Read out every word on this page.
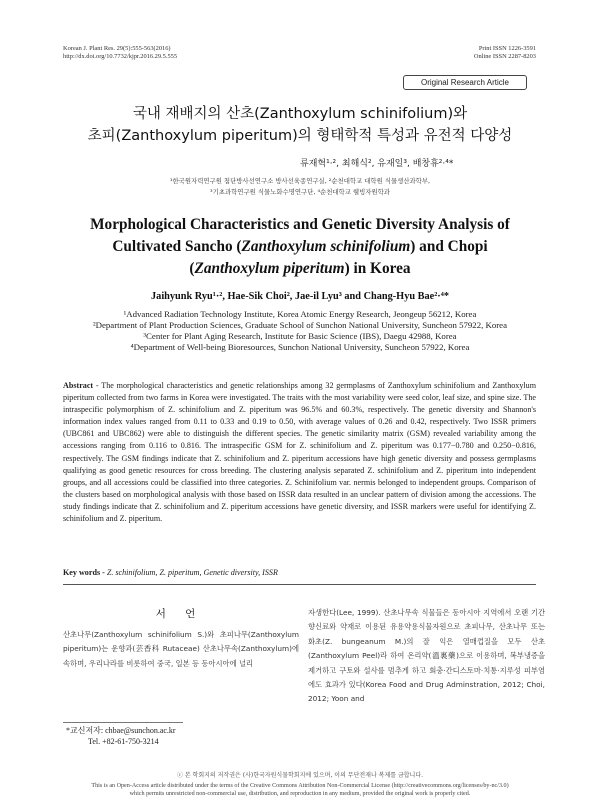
Korean J. Plant Res. 29(5):555-563(2016)
http://dx.doi.org/10.7732/kjpr.2016.29.5.555
Print ISSN 1226-3591
Online ISSN 2287-8203
Original Research Article
국내 재배지의 산초(Zanthoxylum schinifolium)와
초피(Zanthoxylum piperitum)의 형태학적 특성과 유전적 다양성
류재혁¹·², 최해식², 유재일³, 배창휴²·⁴*
¹한국원자력연구원 첨단방사선연구소 방사선육종연구실, ²순천대학교 대학원 식물생산과학부,
³기초과학연구원 식물노화수명연구단, ⁴순천대학교 웰빙자원학과
Morphological Characteristics and Genetic Diversity Analysis of
Cultivated Sancho (Zanthoxylum schinifolium) and Chopi
(Zanthoxylum piperitum) in Korea
Jaihyunk Ryu¹·², Hae-Sik Choi², Jae-il Lyu³ and Chang-Hyu Bae²·⁴*
¹Advanced Radiation Technology Institute, Korea Atomic Energy Research, Jeongeup 56212, Korea
²Department of Plant Production Sciences, Graduate School of Sunchon National University, Suncheon 57922, Korea
³Center for Plant Aging Research, Institute for Basic Science (IBS), Daegu 42988, Korea
⁴Department of Well-being Bioresources, Sunchon National University, Suncheon 57922, Korea
Abstract - The morphological characteristics and genetic relationships among 32 germplasms of Zanthoxylum schinifolium and Zanthoxylum piperitum collected from two farms in Korea were investigated. The traits with the most variability were seed color, leaf size, and spine size. The intraspecific polymorphism of Z. schinifolium and Z. piperitum was 96.5% and 60.3%, respectively. The genetic diversity and Shannon's information index values ranged from 0.11 to 0.33 and 0.19 to 0.50, with average values of 0.26 and 0.42, respectively. Two ISSR primers (UBC861 and UBC862) were able to distinguish the different species. The genetic similarity matrix (GSM) revealed variability among the accessions ranging from 0.116 to 0.816. The intraspecific GSM for Z. schinifolium and Z. piperitum was 0.177−0.780 and 0.250−0.816, respectively. The GSM findings indicate that Z. schinifolium and Z. piperitum accessions have high genetic diversity and possess germplasms qualifying as good genetic resources for cross breeding. The clustering analysis separated Z. schinifolium and Z. piperitum into independent groups, and all accessions could be classified into three categories. Z. Schinifolium var. nermis belonged to independent groups. Comparison of the clusters based on morphological analysis with those based on ISSR data resulted in an unclear pattern of division among the accessions. The study findings indicate that Z. schinifolium and Z. piperitum accessions have genetic diversity, and ISSR markers were useful for identifying Z. schinifolium and Z. piperitum.
Key words - Z. schinifolium, Z. piperitum, Genetic diversity, ISSR
서 언
산초나무(Zanthoxylum schinifolium S.)와 초피나무(Zanthoxylum piperitum)는 운향과(芸香科 Rutaceae) 산초나무속(Zanthoxylum)에 속하며, 우리나라를 비롯하여 중국, 일본 등 동아시아에 널리
자생한다(Lee, 1999). 산초나무속 식물들은 동아시아 지역에서 오랜 기간 향신료와 약재로 이용된 유용약용식물자원으로 초피나무, 산초나무 또는 화초(Z. bungeanum M.)의 잘 익은 열매껍질을 모두 산초(Zanthoxylum Peel)라 하여 온리약(溫裏藥)으로 이용하며, 복부냉증을 제거하고 구토와 설사를 멈추게 하고 회충·간디스토마·치통·지루성 피부염에도 효과가 있다(Korea Food and Drug Adminstration, 2012; Choi, 2012; Yoon and
*교신저자: chbae@sunchon.ac.kr
Tel. +82-61-750-3214
ⓒ 본 학회지의 저작권은 (사)한국자원식물학회지에 있으며, 이의 무단전재나 복제를 금합니다.
This is an Open-Access article distributed under the terms of the Creative Commons Attribution Non-Commercial License (http://creativecommons.org/licenses/by-nc/3.0)
which permits unrestricted non-commercial use, distribution, and reproduction in any medium, provided the original work is properly cited.
